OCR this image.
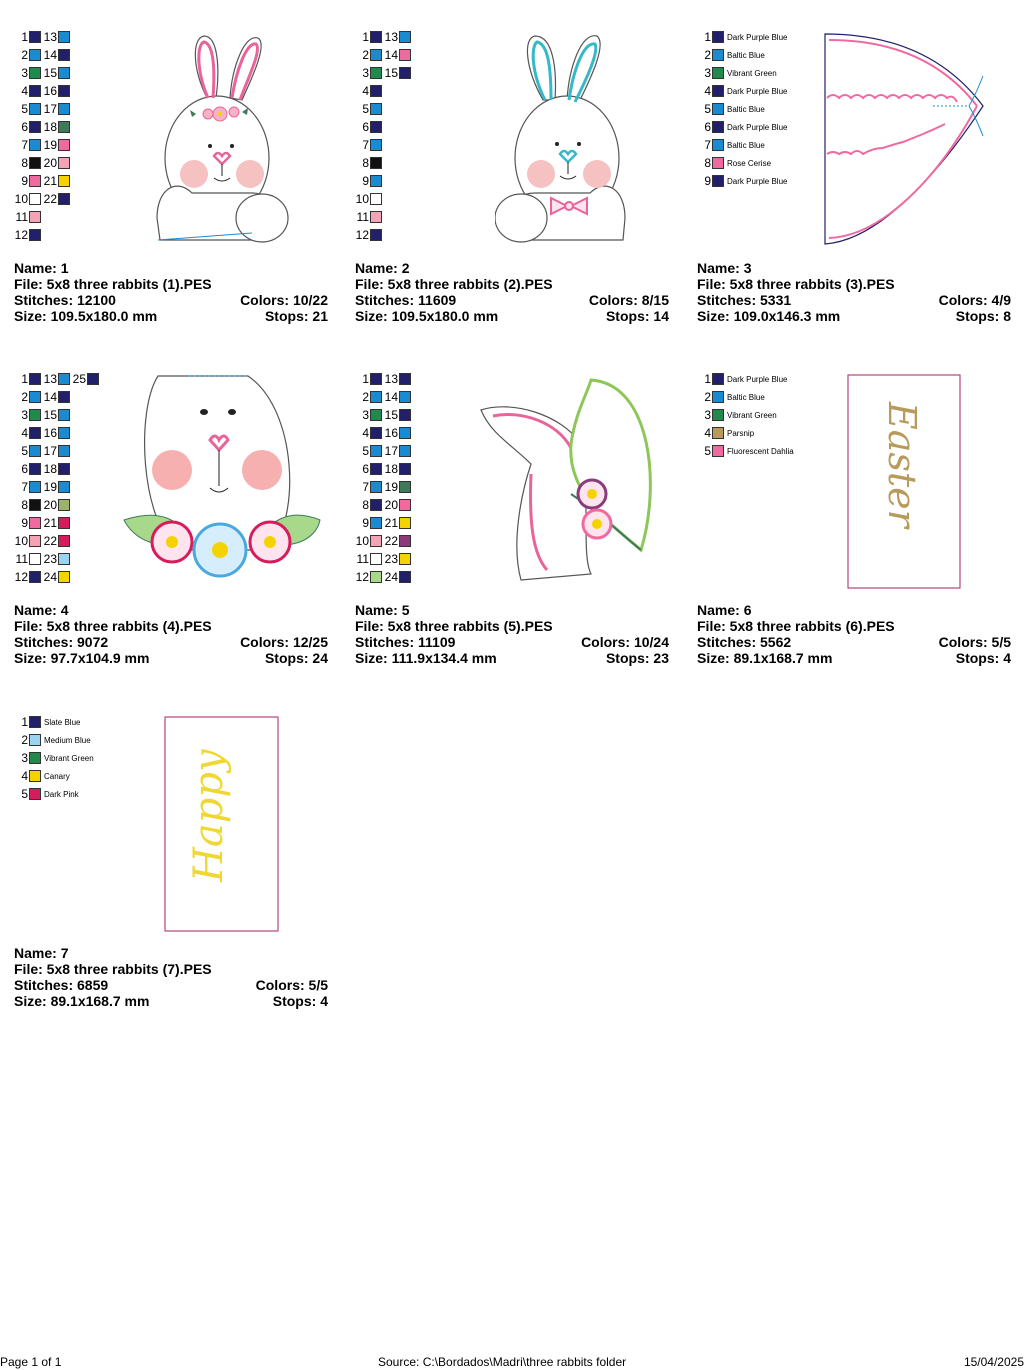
1 13
2 14
3 15
4 16
5 17
6 18
7 19
8 20
9 21
10 22
11
12
Name: 1
File: 5x8 three rabbits (1).PES
Stitches: 12100	Colors: 10/22
Size: 109.5x180.0 mm	Stops: 21
1 13
2 14
3 15
4
5
6
7
8
9
10
11
12
Name: 2
File: 5x8 three rabbits (2).PES
Stitches: 11609	Colors: 8/15
Size: 109.5x180.0 mm	Stops: 14
1 Dark Purple Blue
2 Baltic Blue
3 Vibrant Green
4 Dark Purple Blue
5 Baltic Blue
6 Dark Purple Blue
7 Baltic Blue
8 Rose Cerise
9 Dark Purple Blue
Name: 3
File: 5x8 three rabbits (3).PES
Stitches: 5331	Colors: 4/9
Size: 109.0x146.3 mm	Stops: 8
1 13 25
2 14
3 15
4 16
5 17
6 18
7 19
8 20
9 21
10 22
11 23
12 24
Name: 4
File: 5x8 three rabbits (4).PES
Stitches: 9072	Colors: 12/25
Size: 97.7x104.9 mm	Stops: 24
1 13
2 14
3 15
4 16
5 17
6 18
7 19
8 20
9 21
10 22
11 23
12 24
Name: 5
File: 5x8 three rabbits (5).PES
Stitches: 11109	Colors: 10/24
Size: 111.9x134.4 mm	Stops: 23
1 Dark Purple Blue
2 Baltic Blue
3 Vibrant Green
4 Parsnip
5 Fluorescent Dahlia Easter
Name: 6
File: 5x8 three rabbits (6).PES
Stitches: 5562	Colors: 5/5
Size: 89.1x168.7 mm	Stops: 4
1 Slate Blue
2 Medium Blue
3 Vibrant Green
4 Canary
5 Dark Pink	Happy
Name: 7
File: 5x8 three rabbits (7).PES
Stitches: 6859	Colors: 5/5
Size: 89.1x168.7 mm	Stops: 4
Page 1 of 1	Source: C:\Bordados\Madri\three rabbits folder	15/04/2025
